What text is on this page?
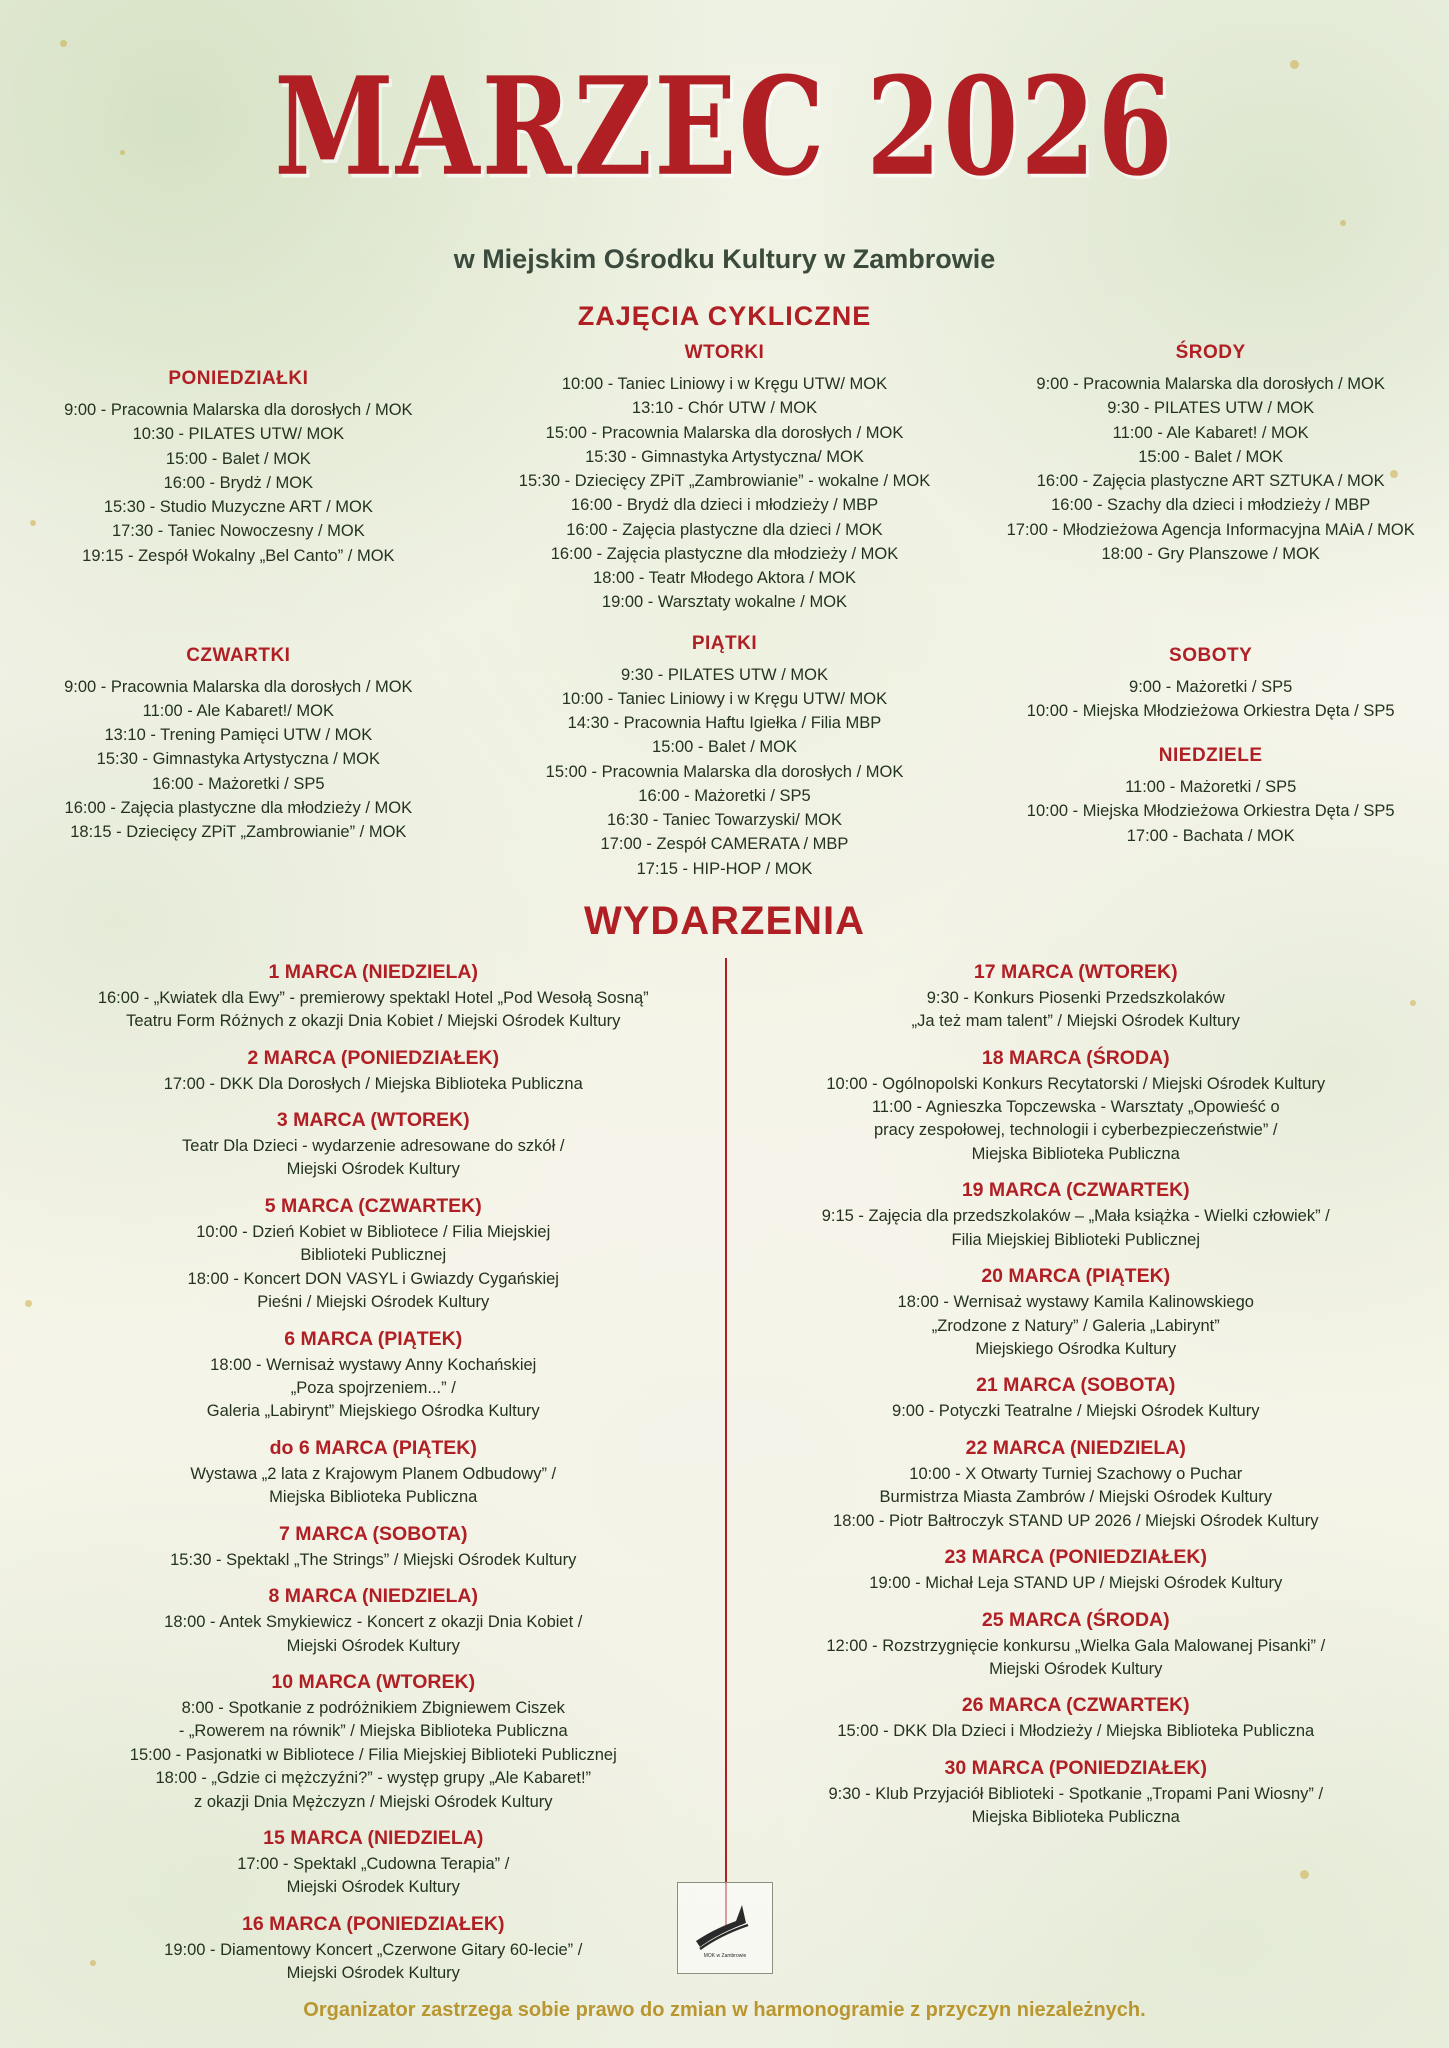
MARZEC 2026
w Miejskim Ośrodku Kultury w Zambrowie
ZAJĘCIA CYKLICZNE
PONIEDZIAŁKI
9:00 - Pracownia Malarska dla dorosłych / MOK
10:30 - PILATES UTW/ MOK
15:00 - Balet / MOK
16:00 - Brydż / MOK
15:30 - Studio Muzyczne ART / MOK
17:30 - Taniec Nowoczesny / MOK
19:15 - Zespół Wokalny „Bel Canto” / MOK
WTORKI
10:00 - Taniec Liniowy i w Kręgu UTW/ MOK
13:10 - Chór UTW / MOK
15:00 - Pracownia Malarska dla dorosłych / MOK
15:30 - Gimnastyka Artystyczna/ MOK
15:30 - Dziecięcy ZPiT „Zambrowianie” - wokalne / MOK
16:00 - Brydż dla dzieci i młodzieży / MBP
16:00 - Zajęcia plastyczne dla dzieci / MOK
16:00 - Zajęcia plastyczne dla młodzieży / MOK
18:00 - Teatr Młodego Aktora / MOK
19:00 - Warsztaty wokalne / MOK
ŚRODY
9:00 - Pracownia Malarska dla dorosłych / MOK
9:30 - PILATES UTW / MOK
11:00 - Ale Kabaret! / MOK
15:00 - Balet / MOK
16:00 - Zajęcia plastyczne ART SZTUKA / MOK
16:00 - Szachy dla dzieci i młodzieży / MBP
17:00 - Młodzieżowa Agencja Informacyjna MAiA / MOK
18:00 - Gry Planszowe / MOK
CZWARTKI
9:00 - Pracownia Malarska dla dorosłych / MOK
11:00 - Ale Kabaret!/ MOK
13:10 - Trening Pamięci UTW / MOK
15:30 - Gimnastyka Artystyczna / MOK
16:00 - Mażoretki / SP5
16:00 - Zajęcia plastyczne dla młodzieży / MOK
18:15 - Dziecięcy ZPiT „Zambrowianie” / MOK
PIĄTKI
9:30 - PILATES UTW / MOK
10:00 - Taniec Liniowy i w Kręgu UTW/ MOK
14:30 - Pracownia Haftu Igiełka / Filia MBP
15:00 - Balet / MOK
15:00 - Pracownia Malarska dla dorosłych / MOK
16:00 - Mażoretki / SP5
16:30 - Taniec Towarzyski/ MOK
17:00 - Zespół CAMERATA / MBP
17:15 - HIP-HOP / MOK
SOBOTY
9:00 - Mażoretki / SP5
10:00 - Miejska Młodzieżowa Orkiestra Dęta / SP5
NIEDZIELE
11:00 - Mażoretki / SP5
10:00 - Miejska Młodzieżowa Orkiestra Dęta / SP5
17:00 - Bachata / MOK
WYDARZENIA
1 MARCA (NIEDZIELA)
16:00 - „Kwiatek dla Ewy” - premierowy spektakl Hotel „Pod Wesołą Sosną”
Teatru Form Różnych z okazji Dnia Kobiet / Miejski Ośrodek Kultury
2 MARCA (PONIEDZIAŁEK)
17:00 - DKK Dla Dorosłych / Miejska Biblioteka Publiczna
3 MARCA (WTOREK)
Teatr Dla Dzieci - wydarzenie adresowane do szkół /
Miejski Ośrodek Kultury
5 MARCA (CZWARTEK)
10:00 - Dzień Kobiet w Bibliotece / Filia Miejskiej
Biblioteki Publicznej
18:00 - Koncert DON VASYL i Gwiazdy Cygańskiej
Pieśni / Miejski Ośrodek Kultury
6 MARCA (PIĄTEK)
18:00 - Wernisaż wystawy Anny Kochańskiej
„Poza spojrzeniem...” /
Galeria „Labirynt” Miejskiego Ośrodka Kultury
do 6 MARCA (PIĄTEK)
Wystawa „2 lata z Krajowym Planem Odbudowy” /
Miejska Biblioteka Publiczna
7 MARCA (SOBOTA)
15:30 - Spektakl „The Strings” / Miejski Ośrodek Kultury
8 MARCA (NIEDZIELA)
18:00 - Antek Smykiewicz - Koncert z okazji Dnia Kobiet /
Miejski Ośrodek Kultury
10 MARCA (WTOREK)
8:00 - Spotkanie z podróżnikiem Zbigniewem Ciszek
- „Rowerem na równik” / Miejska Biblioteka Publiczna
15:00 - Pasjonatki w Bibliotece / Filia Miejskiej Biblioteki Publicznej
18:00 - „Gdzie ci mężczyźni?” - występ grupy „Ale Kabaret!”
z okazji Dnia Mężczyzn / Miejski Ośrodek Kultury
15 MARCA (NIEDZIELA)
17:00 - Spektakl „Cudowna Terapia” /
Miejski Ośrodek Kultury
16 MARCA (PONIEDZIAŁEK)
19:00 - Diamentowy Koncert „Czerwone Gitary 60-lecie” /
Miejski Ośrodek Kultury
17 MARCA (WTOREK)
9:30 - Konkurs Piosenki Przedszkolaków
„Ja też mam talent” / Miejski Ośrodek Kultury
18 MARCA (ŚRODA)
10:00 - Ogólnopolski Konkurs Recytatorski / Miejski Ośrodek Kultury
11:00 - Agnieszka Topczewska - Warsztaty „Opowieść o
pracy zespołowej, technologii i cyberbezpieczeństwie” /
Miejska Biblioteka Publiczna
19 MARCA (CZWARTEK)
9:15 - Zajęcia dla przedszkolaków – „Mała książka - Wielki człowiek” /
Filia Miejskiej Biblioteki Publicznej
20 MARCA (PIĄTEK)
18:00 - Wernisaż wystawy Kamila Kalinowskiego
„Zrodzone z Natury” / Galeria „Labirynt”
Miejskiego Ośrodka Kultury
21 MARCA (SOBOTA)
9:00 - Potyczki Teatralne / Miejski Ośrodek Kultury
22 MARCA (NIEDZIELA)
10:00 - X Otwarty Turniej Szachowy o Puchar
Burmistrza Miasta Zambrów / Miejski Ośrodek Kultury
18:00 - Piotr Bałtroczyk STAND UP 2026 / Miejski Ośrodek Kultury
23 MARCA (PONIEDZIAŁEK)
19:00 - Michał Leja STAND UP / Miejski Ośrodek Kultury
25 MARCA (ŚRODA)
12:00 - Rozstrzygnięcie konkursu „Wielka Gala Malowanej Pisanki” /
Miejski Ośrodek Kultury
26 MARCA (CZWARTEK)
15:00 - DKK Dla Dzieci i Młodzieży / Miejska Biblioteka Publiczna
30 MARCA (PONIEDZIAŁEK)
9:30 - Klub Przyjaciół Biblioteki - Spotkanie „Tropami Pani Wiosny” /
Miejska Biblioteka Publiczna
MOK w Zambrowie
Organizator zastrzega sobie prawo do zmian w harmonogramie z przyczyn niezależnych.
